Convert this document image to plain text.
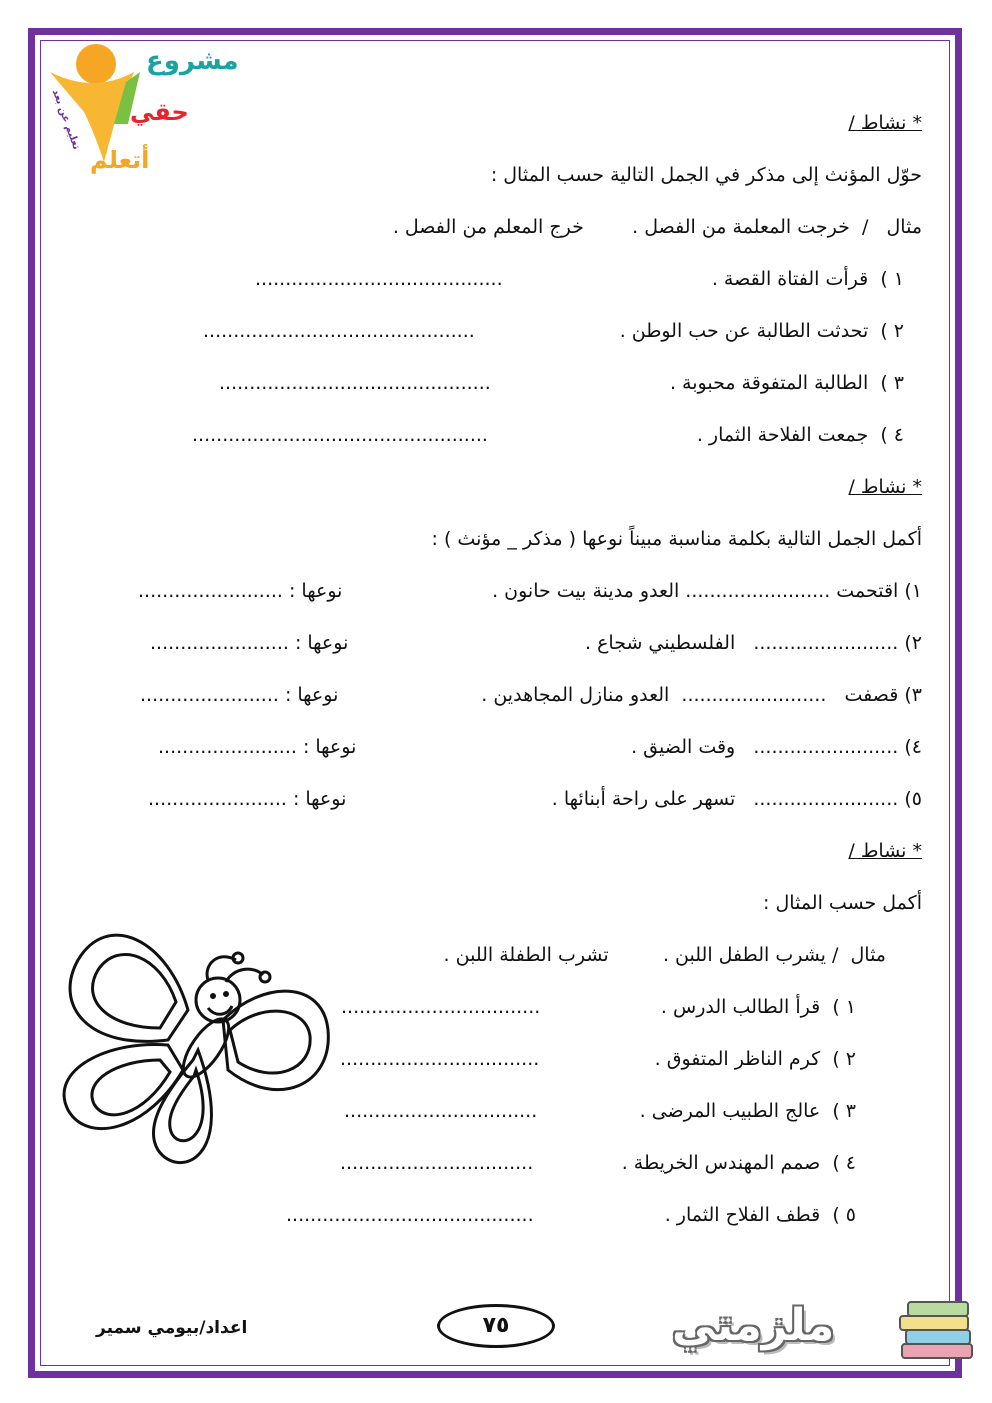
مشروع
حقي
أتعلم
تعليم عن بعد	* نشاط /
حوّل المؤنث إلى مذكر في الجمل التالية حسب المثال :
مثال   /  خرجت المعلمة من الفصل .        خرج المعلم من الفصل .
١ )  قرأت الفتاة القصة .
.........................................
٢ )  تحدثت الطالبة عن حب الوطن .
.............................................
٣ )  الطالبة المتفوقة محبوبة .
.............................................
٤ )  جمعت الفلاحة الثمار .
.................................................
* نشاط /
أكمل الجمل التالية بكلمة مناسبة مبيناً نوعها ( مذكر _ مؤنث ) :
١) اقتحمت ........................ العدو مدينة بيت حانون .
نوعها : ........................
٢) ........................   الفلسطيني شجاع .
نوعها : .......................
٣) قصفت   ........................  العدو منازل المجاهدين .
نوعها : .......................
٤) ........................   وقت الضيق .
نوعها : .......................
٥) ........................   تسهر على راحة أبنائها .
نوعها : .......................
* نشاط /
أكمل حسب المثال :
مثال  / يشرب الطفل اللبن .         تشرب الطفلة اللبن .
١ )  قرأ الطالب الدرس .
.................................
٢ )  كرم الناظر المتفوق .
.................................
٣ )  عالج الطبيب المرضى .
................................
٤ )  صمم المهندس الخريطة .
................................
٥ )  قطف الفلاح الثمار .
.........................................
اعداد/بيومي سمير	٧٥	ملزمتي
